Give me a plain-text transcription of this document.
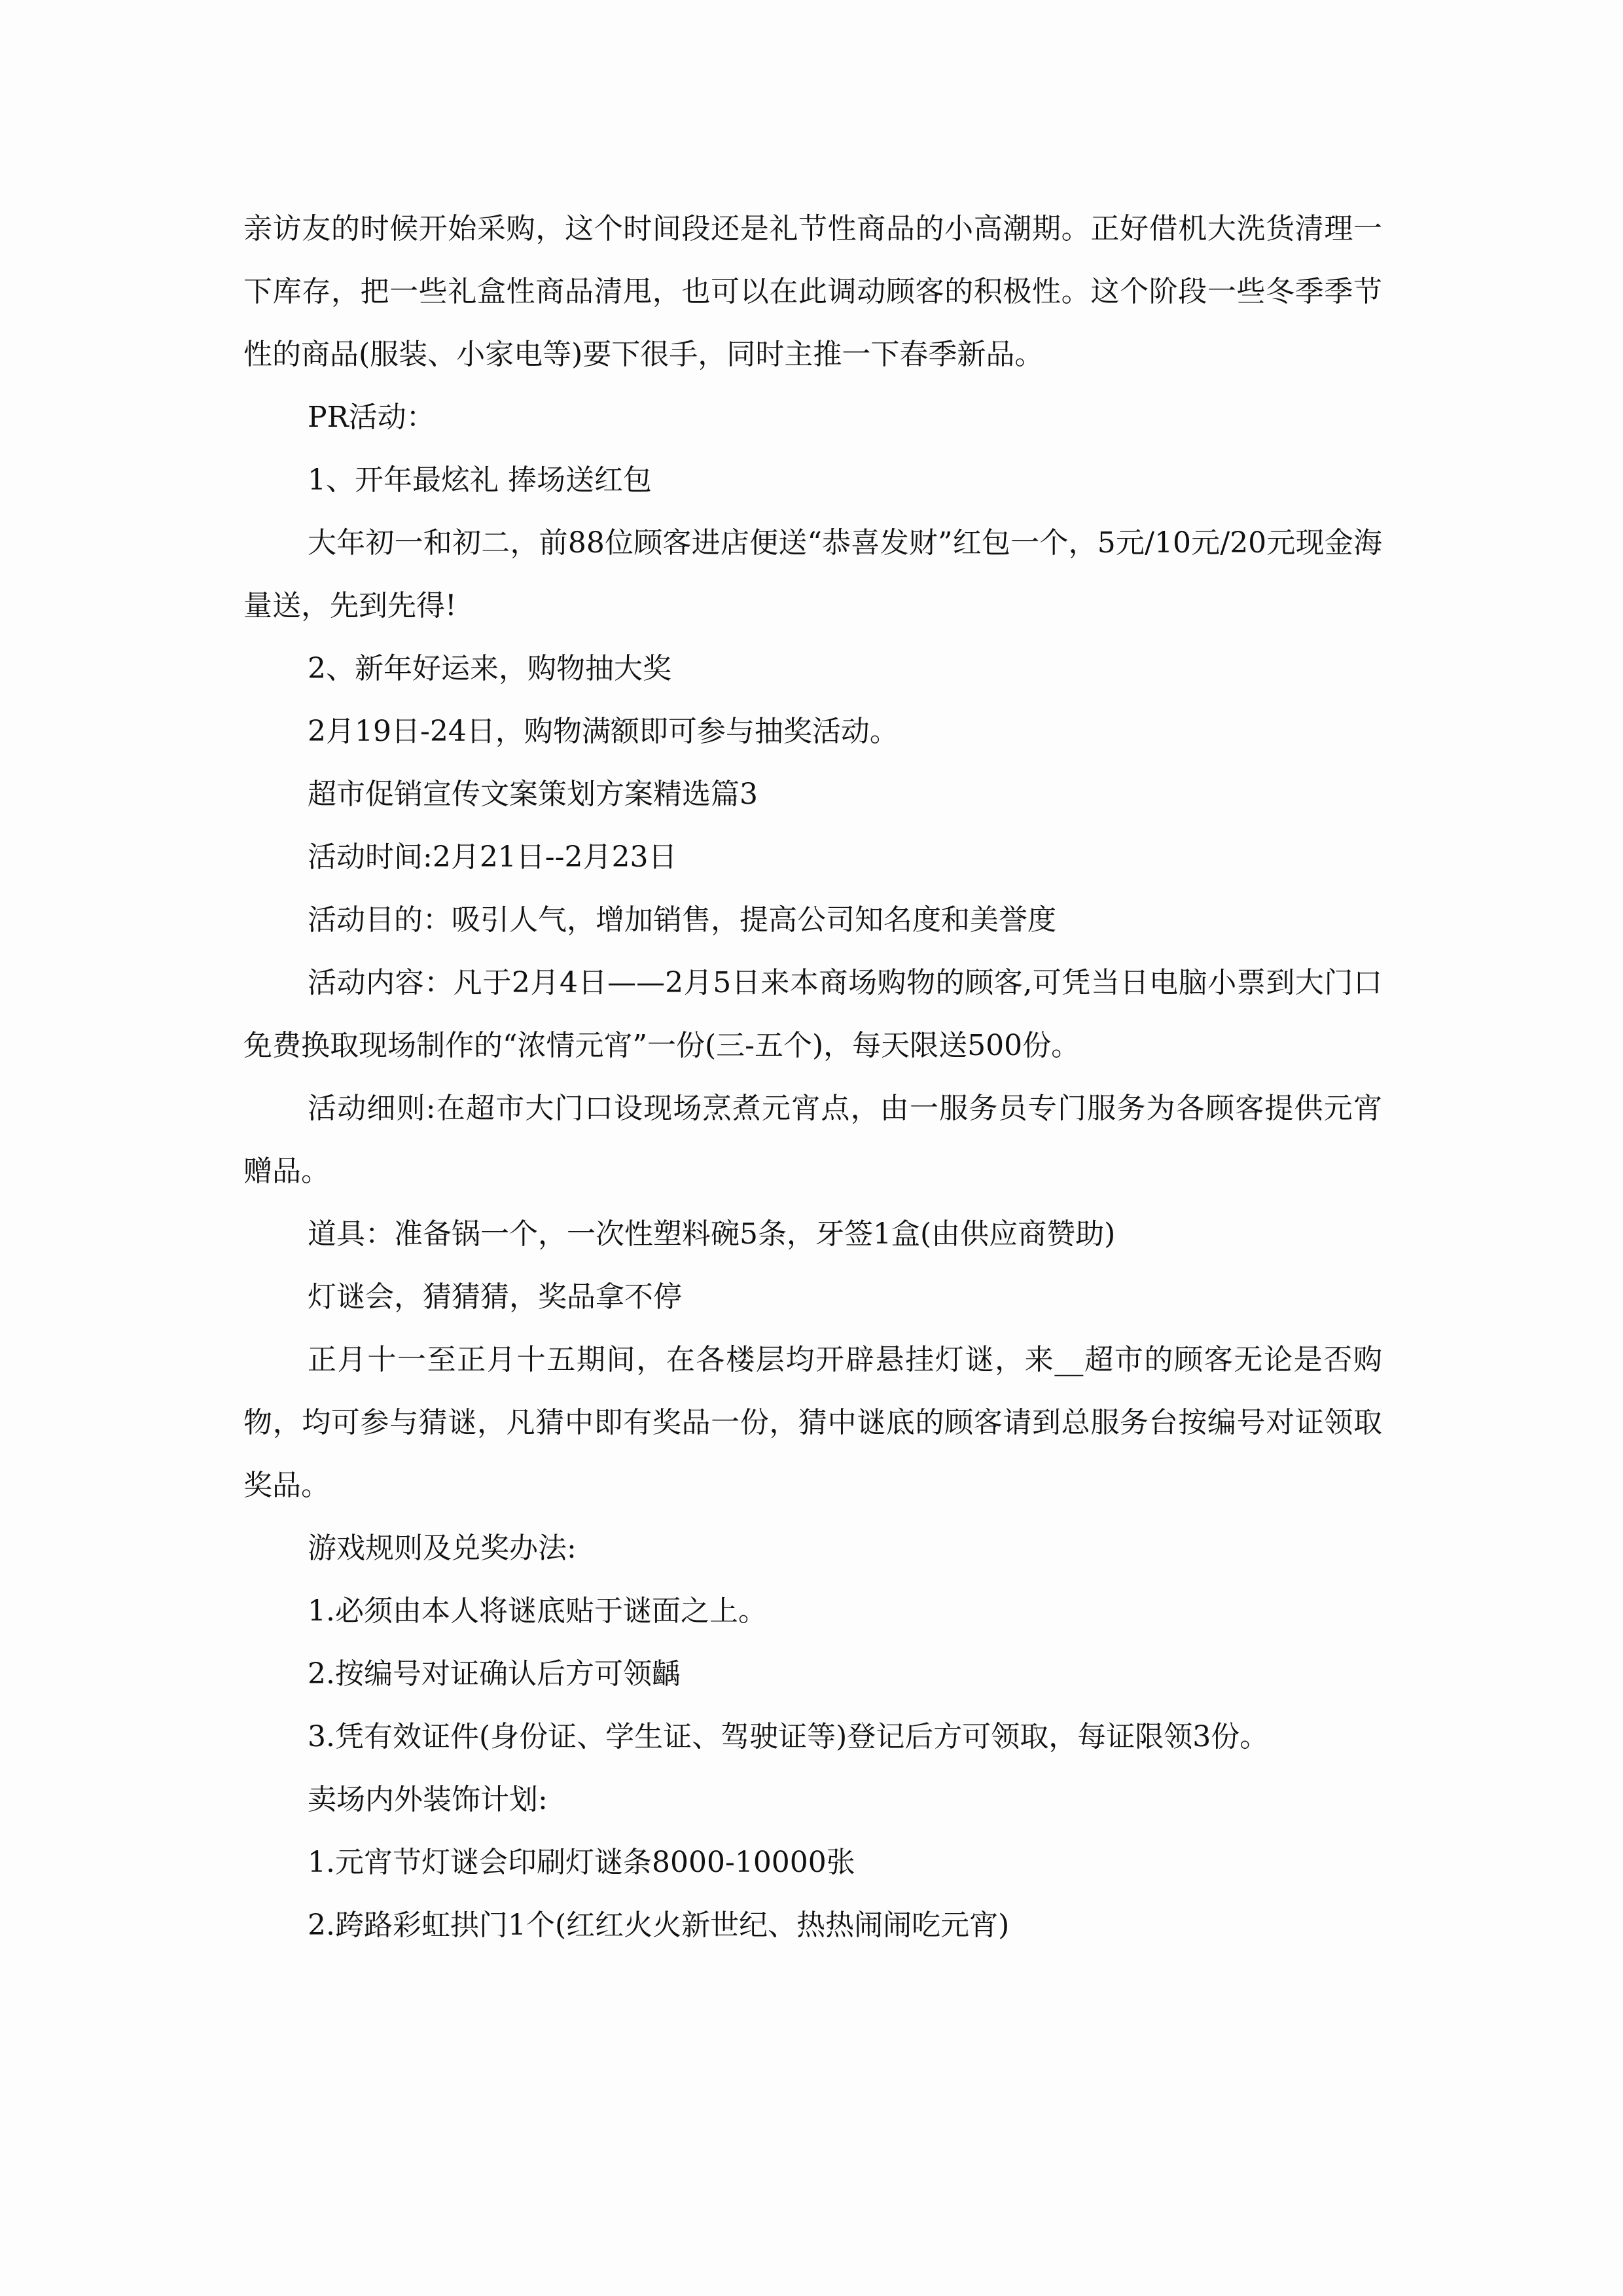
亲访友的时候开始采购，这个时间段还是礼节性商品的小高潮期。正好借机大洗货清理一下库存，把一些礼盒性商品清甩，也可以在此调动顾客的积极性。这个阶段一些冬季季节性的商品(服装、小家电等)要下很手，同时主推一下春季新品。

PR活动：

1、开年最炫礼 捧场送红包

大年初一和初二，前88位顾客进店便送“恭喜发财”红包一个，5元/10元/20元现金海量送，先到先得!

2、新年好运来，购物抽大奖

2月19日-24日，购物满额即可参与抽奖活动。

超市促销宣传文案策划方案精选篇3

活动时间:2月21日--2月23日

活动目的：吸引人气，增加销售，提高公司知名度和美誉度

活动内容：凡于2月4日——2月5日来本商场购物的顾客,可凭当日电脑小票到大门口免费换取现场制作的“浓情元宵”一份(三-五个)，每天限送500份。

活动细则:在超市大门口设现场烹煮元宵点，由一服务员专门服务为各顾客提供元宵赠品。

道具：准备锅一个，一次性塑料碗5条，牙签1盒(由供应商赞助)

灯谜会，猜猜猜，奖品拿不停

正月十一至正月十五期间，在各楼层均开辟悬挂灯谜，来__超市的顾客无论是否购物，均可参与猜谜，凡猜中即有奖品一份，猜中谜底的顾客请到总服务台按编号对证领取奖品。

游戏规则及兑奖办法:

1.必须由本人将谜底贴于谜面之上。

2.按编号对证确认后方可领齲

3.凭有效证件(身份证、学生证、驾驶证等)登记后方可领取，每证限领3份。

卖场内外装饰计划:

1.元宵节灯谜会印刷灯谜条8000-10000张

2.跨路彩虹拱门1个(红红火火新世纪、热热闹闹吃元宵)
